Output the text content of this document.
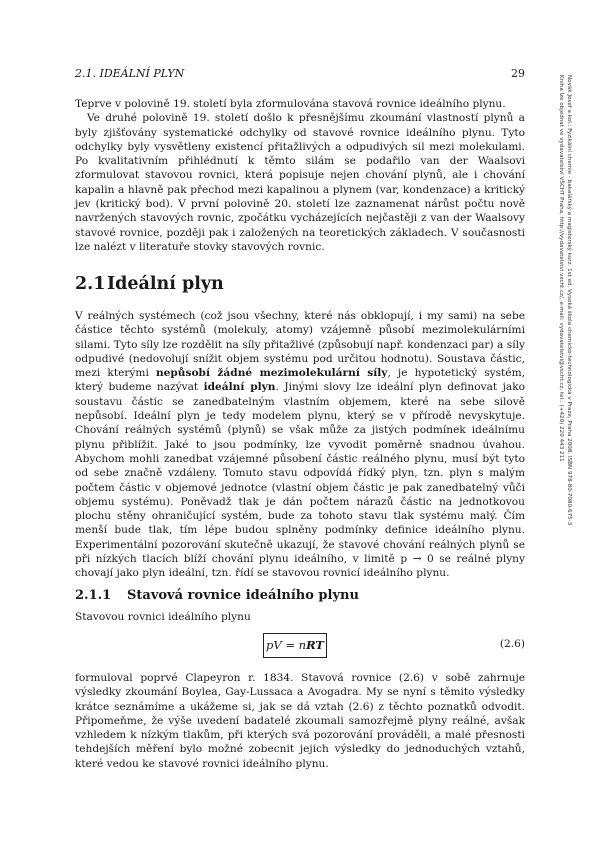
2.1. IDEÁLNÍ PLYN	29

Teprve v polovině 19. století byla zformulována stavová rovnice ideálního plynu.

Ve druhé polovině 19. století došlo k přesnějšímu zkoumání vlastností plynů a byly zjišťovány systematické odchylky od stavové rovnice ideálního plynu. Tyto odchylky byly vysvětleny existencí přitažlivých a odpudivých sil mezi molekulami. Po kvalitativním přihlédnutí k těmto silám se podařilo van der Waalsovi zformulovat stavovou rovnici, která popisuje nejen chování plynů, ale i chování kapalin a hlavně pak přechod mezi kapalinou a plynem (var, kondenzace) a kritický jev (kritický bod). V první polovině 20. století lze zaznamenat nárůst počtu nově navržených stavových rovnic, zpočátku vycházejících nejčastěji z van der Waalsovy stavové rovnice, později pak i založených na teoretických základech. V současnosti lze nalézt v literatuře stovky stavových rovnic.

2.1Ideální plyn

V reálných systémech (což jsou všechny, které nás obklopují, i my sami) na sebe částice těchto systémů (molekuly, atomy) vzájemně působí mezimolekulárními silami. Tyto síly lze rozdělit na síly přitažlivé (způsobují např. kondenzaci par) a síly odpudivé (nedovolují snížit objem systému pod určitou hodnotu). Soustava částic, mezi kterými nepůsobí žádné mezimolekulární síly, je hypotetický systém, který budeme nazývat ideální plyn. Jinými slovy lze ideální plyn definovat jako soustavu částic se zanedbatelným vlastním objemem, které na sebe silově nepůsobí. Ideální plyn je tedy modelem plynu, který se v přírodě nevyskytuje. Chování reálných systémů (plynů) se však může za jistých podmínek ideálnímu plynu přiblížit. Jaké to jsou podmínky, lze vyvodit poměrně snadnou úvahou. Abychom mohli zanedbat vzájemné působení částic reálného plynu, musí být tyto od sebe značně vzdáleny. Tomuto stavu odpovídá řídký plyn, tzn. plyn s malým počtem částic v objemové jednotce (vlastní objem částic je pak zanedbatelný vůči objemu systému). Poněvadž tlak je dán počtem nárazů částic na jednotkovou plochu stěny ohraničující systém, bude za tohoto stavu tlak systému malý. Čím menší bude tlak, tím lépe budou splněny podmínky definice ideálního plynu. Experimentální pozorování skutečně ukazují, že stavové chování reálných plynů se při nízkých tlacích blíží chování plynu ideálního, v limitě p → 0 se reálné plyny chovají jako plyn ideální, tzn. řídí se stavovou rovnicí ideálního plynu.

2.1.1 Stavová rovnice ideálního plynu

Stavovou rovnici ideálního plynu

pV = nRT	(2.6)

formuloval poprvé Clapeyron r. 1834. Stavová rovnice (2.6) v sobě zahrnuje výsledky zkoumání Boylea, Gay-Lussaca a Avogadra. My se nyní s těmito výsledky krátce seznámíme a ukážeme si, jak se dá vztah (2.6) z těchto poznatků odvodit. Připomeňme, že výše uvedení badatelé zkoumali samozřejmě plyny reálné, avšak vzhledem k nízkým tlakům, při kterých svá pozorování prováděli, a malé přesnosti tehdejších měření bylo možné zobecnit jejich výsledky do jednoduchých vztahů, které vedou ke stavové rovnici ideálního plynu.

Novák Josef a kol.: Fyzikální chemie - bakalářský a magisterský kurz. 1st ed. Vysoká škola chemicko-technologická v Praze, Praha 2008. ISBN 978-80-7080-675-3
Kniha lze objednat ve vydavatelství VŠCHT Praha, http://vydavatelstvi.vscht.cz/, e-mail: vydavatelstvi@vscht.cz, tel.: (+420) 220 443 211
